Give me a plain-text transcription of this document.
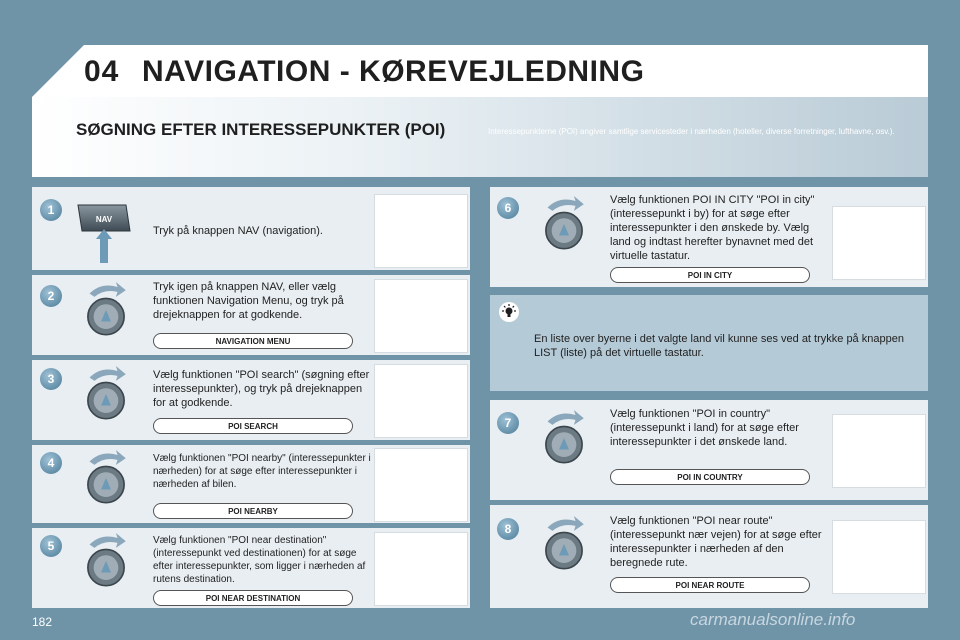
04 NAVIGATION - KØREVEJLEDNING
SØGNING EFTER INTERESSEPUNKTER (POI)	Interessepunkterne (POI) angiver samtlige servicesteder i nærheden (hoteller, diverse forretninger, lufthavne, osv.).
1
NAV
Tryk på knappen NAV (navigation).
2
Tryk igen på knappen NAV, eller vælg funktionen Navigation Menu, og tryk på drejeknappen for at godkende.
NAVIGATION MENU
3	Vælg funktionen "POI search" (søgning efter interessepunkter), og tryk på drejeknappen for at godkende.
POI SEARCH
4	Vælg funktionen "POI nearby" (interessepunkter i nærheden) for at søge efter interessepunkter i nærheden af bilen.
POI NEARBY
5	Vælg funktionen "POI near destination" (interessepunkt ved destinationen) for at søge efter interessepunkter, som ligger i nærheden af rutens destination.
POI NEAR DESTINATION
6
Vælg funktionen POI IN CITY "POI in city" (interessepunkt i by) for at søge efter interessepunkter i den ønskede by. Vælg land og indtast herefter bynavnet med det virtuelle tastatur.
POI IN CITY
En liste over byerne i det valgte land vil kunne ses ved at trykke på knappen LIST (liste) på det virtuelle tastatur.
7
Vælg funktionen "POI in country" (interessepunkt i land) for at søge efter interessepunkter i det ønskede land.
POI IN COUNTRY
8
Vælg funktionen "POI near route" (interessepunkt nær vejen) for at søge efter interessepunkter i nærheden af den beregnede rute.
POI NEAR ROUTE
182	carmanualsonline.info
